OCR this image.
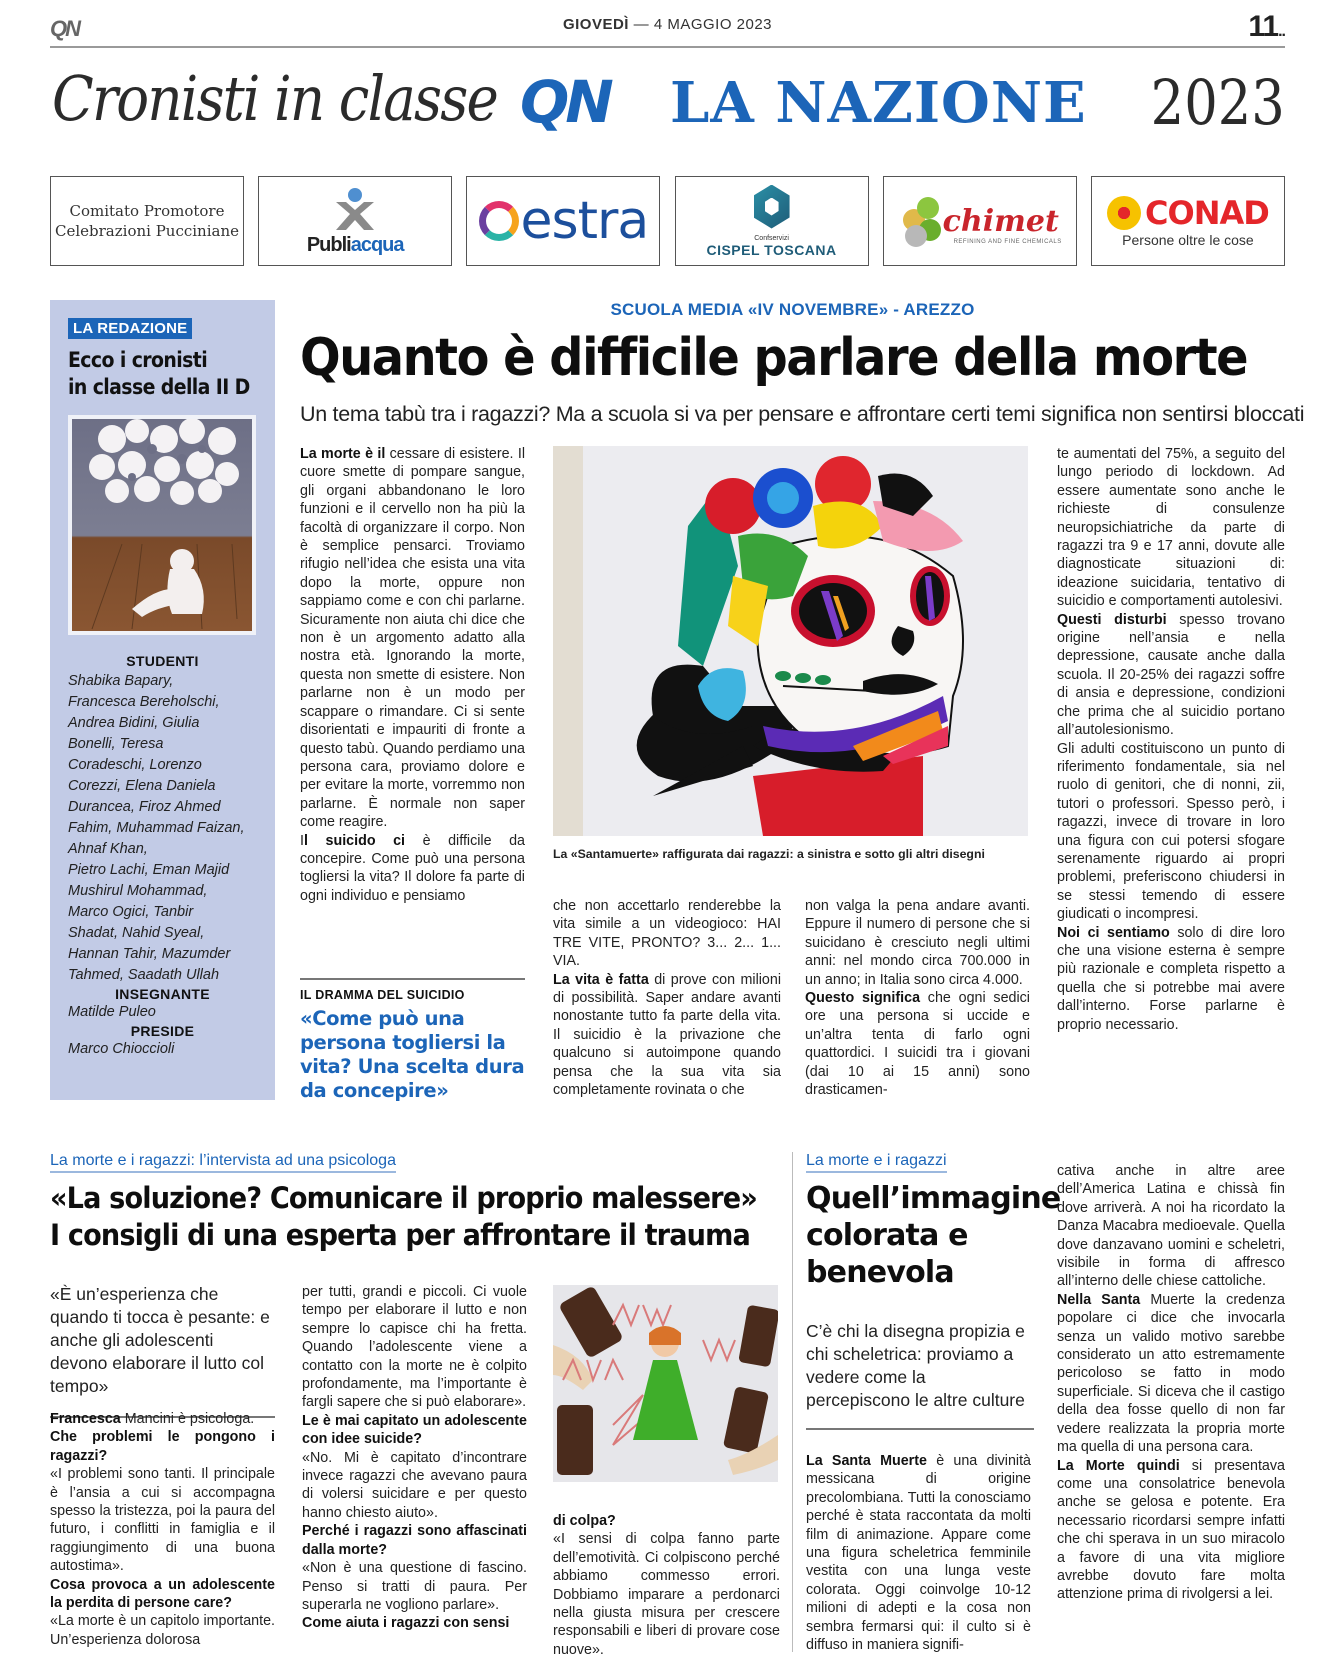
QN	GIOVEDÌ — 4 MAGGIO 2023	11..
Cronisti in classe QN LA NAZIONE 2023
Comitato Promotore
Celebrazioni Pucciniane
Publiacqua estra	Confservizi
CISPEL TOSCANA
chimet
REFINING AND FINE CHEMICALS
CONAD
Persone oltre le cose
LA REDAZIONE
Ecco i cronisti
in classe della II D
STUDENTI
Shabika Bapary,
Francesca Bereholschi,
Andrea Bidini, Giulia
Bonelli, Teresa
Coradeschi, Lorenzo
Corezzi, Elena Daniela
Durancea, Firoz Ahmed
Fahim, Muhammad Faizan,
Ahnaf Khan,
Pietro Lachi, Eman Majid
Mushirul Mohammad,
Marco Ogici, Tanbir
Shadat, Nahid Syeal,
Hannan Tahir, Mazumder
Tahmed, Saadath Ullah
INSEGNANTE
Matilde Puleo
PRESIDE
Marco Chioccioli
SCUOLA MEDIA «IV NOVEMBRE» - AREZZO
Quanto è difficile parlare della morte
Un tema tabù tra i ragazzi? Ma a scuola si va per pensare e affrontare certi temi significa non sentirsi bloccati

La morte è il cessare di esistere. Il cuore smette di pompare sangue, gli organi abbandonano le loro funzioni e il cervello non ha più la facoltà di organizzare il corpo. Non è semplice pensarci. Troviamo rifugio nell’idea che esista una vita dopo la morte, oppure non sappiamo come e con chi parlarne. Sicuramente non aiuta chi dice che non è un argomento adatto alla nostra età. Ignorando la morte, questa non smette di esistere. Non parlarne non è un modo per scappare o rimandare. Ci si sente disorientati e impauriti di fronte a questo tabù. Quando perdiamo una persona cara, proviamo dolore e per evitare la morte, vorremmo non parlarne. È normale non saper come reagire.

Il suicido ci è difficile da concepire. Come può una persona togliersi la vita? Il dolore fa parte di ogni individuo e pensiamo

IL DRAMMA DEL SUICIDIO
«Come può una persona togliersi la vita? Una scelta dura da concepire»
La «Santamuerte» raffigurata dai ragazzi: a sinistra e sotto gli altri disegni

che non accettarlo renderebbe la vita simile a un videogioco: HAI TRE VITE, PRONTO? 3... 2... 1... VIA.

La vita è fatta di prove con milioni di possibilità. Saper andare avanti nonostante tutto fa parte della vita. Il suicidio è la privazione che qualcuno si autoimpone quando pensa che la sua vita sia completamente rovinata o che

non valga la pena andare avanti. Eppure il numero di persone che si suicidano è cresciuto negli ultimi anni: nel mondo circa 700.000 in un anno; in Italia sono circa 4.000.

Questo significa che ogni sedici ore una persona si uccide e un’altra tenta di farlo ogni quattordici. I suicidi tra i giovani (dai 10 ai 15 anni) sono drasticamen-

te aumentati del 75%, a seguito del lungo periodo di lockdown. Ad essere aumentate sono anche le richieste di consulenze neuropsichiatriche da parte di ragazzi tra 9 e 17 anni, dovute alle diagnosticate situazioni di: ideazione suicidaria, tentativo di suicidio e comportamenti autolesivi.

Questi disturbi spesso trovano origine nell’ansia e nella depressione, causate anche dalla scuola. Il 20-25% dei ragazzi soffre di ansia e depressione, condizioni che prima che al suicidio portano all’autolesionismo.

Gli adulti costituiscono un punto di riferimento fondamentale, sia nel ruolo di genitori, che di nonni, zii, tutori o professori. Spesso però, i ragazzi, invece di trovare in loro una figura con cui potersi sfogare serenamente riguardo ai propri problemi, preferiscono chiudersi in se stessi temendo di essere giudicati o incompresi.

Noi ci sentiamo solo di dire loro che una visione esterna è sempre più razionale e completa rispetto a quella che si potrebbe mai avere dall’interno. Forse parlarne è proprio necessario.

La morte e i ragazzi: l’intervista ad una psicologa
«La soluzione? Comunicare il proprio malessere»
I consigli di una esperta per affrontare il trauma
«È un’esperienza che quando ti tocca è pesante: e anche gli adolescenti devono elaborare il lutto col tempo»

Francesca Mancini è psicologa.

Che problemi le pongono i ragazzi?

«I problemi sono tanti. Il principale è l’ansia a cui si accompagna spesso la tristezza, poi la paura del futuro, i conflitti in famiglia e il raggiungimento di una buona autostima».

Cosa provoca a un adolescente la perdita di persone care?

«La morte è un capitolo importante. Un’esperienza dolorosa

per tutti, grandi e piccoli. Ci vuole tempo per elaborare il lutto e non sempre lo capisce chi ha fretta. Quando l’adolescente viene a contatto con la morte ne è colpito profondamente, ma l’importante è fargli sapere che si può elaborare».

Le è mai capitato un adolescente con idee suicide?

«No. Mi è capitato d’incontrare invece ragazzi che avevano paura di volersi suicidare e per questo hanno chiesto aiuto».

Perché i ragazzi sono affascinati dalla morte?

«Non è una questione di fascino. Penso si tratti di paura. Per superarla ne vogliono parlare».

Come aiuta i ragazzi con sensi

di colpa?

«I sensi di colpa fanno parte dell’emotività. Ci colpiscono perché abbiamo commesso errori. Dobbiamo imparare a perdonarci nella giusta misura per crescere responsabili e liberi di provare cose nuove».

La morte e i ragazzi
Quell’immagine colorata e benevola
C’è chi la disegna propizia e chi scheletrica: proviamo a vedere come la percepiscono le altre culture

La Santa Muerte è una divinità messicana di origine precolombiana. Tutti la conosciamo perché è stata raccontata da molti film di animazione. Appare come una figura scheletrica femminile vestita con una lunga veste colorata. Oggi coinvolge 10-12 milioni di adepti e la cosa non sembra fermarsi qui: il culto si è diffuso in maniera signifi-

cativa anche in altre aree dell’America Latina e chissà fin dove arriverà. A noi ha ricordato la Danza Macabra medioevale. Quella dove danzavano uomini e scheletri, visibile in forma di affresco all’interno delle chiese cattoliche.

Nella Santa Muerte la credenza popolare ci dice che invocarla senza un valido motivo sarebbe considerato un atto estremamente pericoloso se fatto in modo superficiale. Si diceva che il castigo della dea fosse quello di non far vedere realizzata la propria morte ma quella di una persona cara.

La Morte quindi si presentava come una consolatrice benevola anche se gelosa e potente. Era necessario ricordarsi sempre infatti che chi sperava in un suo miracolo a favore di una vita migliore avrebbe dovuto fare molta attenzione prima di rivolgersi a lei.
